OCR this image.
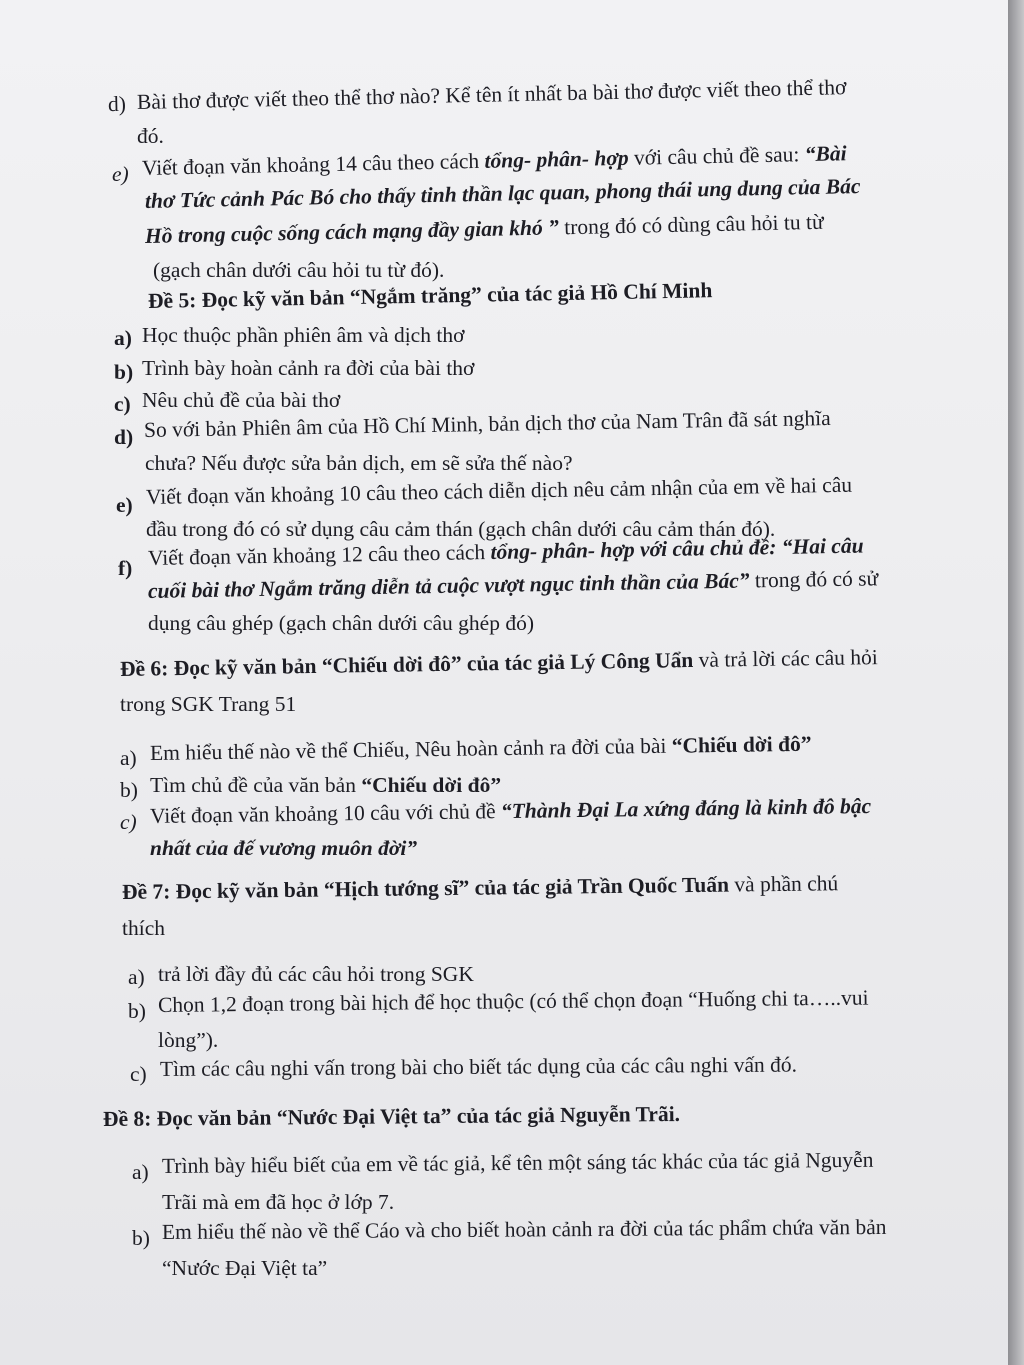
d) Bài thơ được viết theo thể thơ nào? Kể tên ít nhất ba bài thơ được viết theo thể thơ
đó.
e) Viết đoạn văn khoảng 14 câu theo cách tổng- phân- hợp với câu chủ đề sau: “Bài
thơ Tức cảnh Pác Bó cho thấy tinh thần lạc quan, phong thái ung dung của Bác
Hồ trong cuộc sống cách mạng đầy gian khó ” trong đó có dùng câu hỏi tu từ
(gạch chân dưới câu hỏi tu từ đó).
Đề 5: Đọc kỹ văn bản “Ngắm trăng” của tác giả Hồ Chí Minh
a) Học thuộc phần phiên âm và dịch thơ
b) Trình bày hoàn cảnh ra đời của bài thơ
c) Nêu chủ đề của bài thơ
d) So với bản Phiên âm của Hồ Chí Minh, bản dịch thơ của Nam Trân đã sát nghĩa
chưa? Nếu được sửa bản dịch, em sẽ sửa thế nào?
e) Viết đoạn văn khoảng 10 câu theo cách diễn dịch nêu cảm nhận của em về hai câu
đầu trong đó có sử dụng câu cảm thán (gạch chân dưới câu cảm thán đó).
f) Viết đoạn văn khoảng 12 câu theo cách tổng- phân- hợp với câu chủ đề: “Hai câu
cuối bài thơ Ngắm trăng diễn tả cuộc vượt ngục tinh thần của Bác” trong đó có sử
dụng câu ghép (gạch chân dưới câu ghép đó)
Đề 6: Đọc kỹ văn bản “Chiếu dời đô” của tác giả Lý Công Uẩn và trả lời các câu hỏi
trong SGK Trang 51
a) Em hiểu thế nào về thể Chiếu, Nêu hoàn cảnh ra đời của bài “Chiếu dời đô”
b) Tìm chủ đề của văn bản “Chiếu dời đô”
c) Viết đoạn văn khoảng 10 câu với chủ đề “Thành Đại La xứng đáng là kinh đô bậc
nhất của đế vương muôn đời”
Đề 7: Đọc kỹ văn bản “Hịch tướng sĩ” của tác giả Trần Quốc Tuấn và phần chú
thích
a) trả lời đầy đủ các câu hỏi trong SGK
b) Chọn 1,2 đoạn trong bài hịch để học thuộc (có thể chọn đoạn “Huống chi ta…..vui
lòng”).
c) Tìm các câu nghi vấn trong bài cho biết tác dụng của các câu nghi vấn đó.
Đề 8: Đọc văn bản “Nước Đại Việt ta” của tác giả Nguyễn Trãi.
a) Trình bày hiểu biết của em về tác giả, kể tên một sáng tác khác của tác giả Nguyễn
Trãi mà em đã học ở lớp 7.
b) Em hiểu thế nào về thể Cáo và cho biết hoàn cảnh ra đời của tác phẩm chứa văn bản
“Nước Đại Việt ta”
